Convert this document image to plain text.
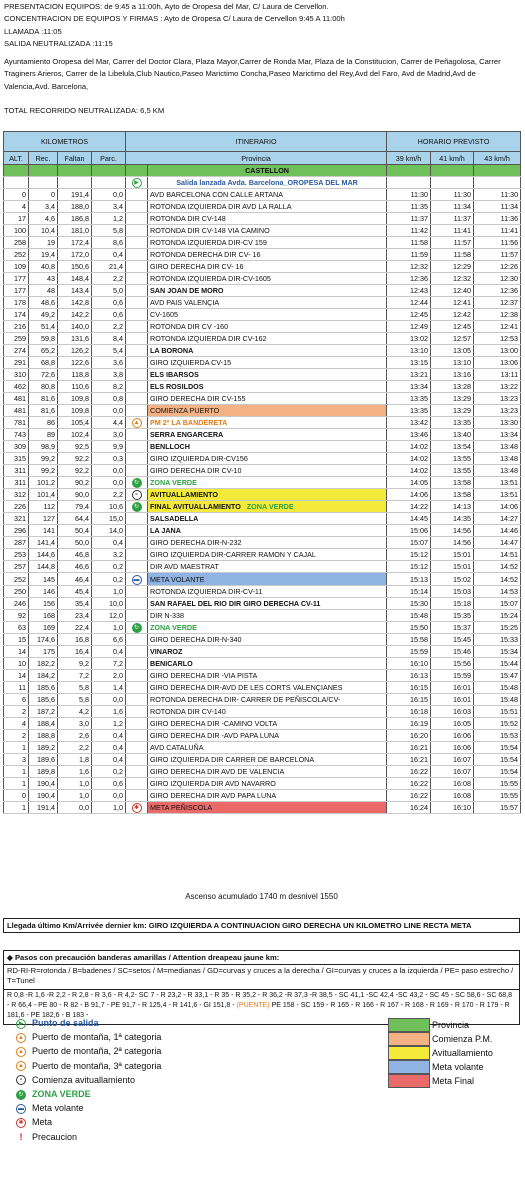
PRESENTACION EQUIPOS: de 9:45 a 11:00h, Ayto de Oropesa del Mar, C/ Laura de Cervellon.
CONCENTRACION DE EQUIPOS Y FIRMAS : Ayto de Oropesa C/ Laura de Cervellon 9:45 A 11:00h
LLAMADA :11:05
SALIDA NEUTRALIZADA :11:15
Ayuntamiento Oropesa del Mar, Carrer del Doctor Clara, Plaza Mayor,Carrer de Ronda Mar, Plaza de la Constitucion, Carrer de Peñagolosa, Carrer Traginers Arieros, Carrer de la Libelula,Club Nautico,Paseo Marictimo Concha,Paseo Marictimo del Rey,Avd del Faro, Avd de Madrid,Avd de Valencia,Avd. Barcelona,
TOTAL RECORRIDO NEUTRALIZADA: 6,5 KM
KILOMETROS				ITINERARIO		HORARIO PREVISTO		
ALT.	Rec.	Faltan	Parc.	Provincia		39 km/h	41 km/h	43 km/h
					CASTELLON			
				▶	Salida lanzada Avda. Barcelona_OROPESA DEL MAR			
0	0	191,4	0,0		AVD BARCELONA CON CALLE ARTANA	11:30	11:30	11:30
4	3,4	188,0	3,4		ROTONDA IZQUIERDA DIR AVD LA RALLA	11:35	11:34	11:34
17	4,6	186,8	1,2		ROTONDA DIR CV-148	11:37	11:37	11:36
100	10,4	181,0	5,8		ROTONDA DIR CV-148 VIA CAMINO	11:42	11:41	11:41
258	19	172,4	8,6		ROTONDA IZQUIERDA DIR-CV 159	11:58	11:57	11:56
252	19,4	172,0	0,4		ROTONDA DERECHA DIR CV- 16	11:59	11:58	11:57
109	40,8	150,6	21,4		GIRO DERECHA DIR CV- 16	12:32	12:29	12:26
177	43	148,4	2,2		ROTONDA IZQUIERDA DIR-CV-1605	12:36	12:32	12:30
177	48	143,4	5,0		SAN JOAN DE MORO	12:43	12:40	12:36
178	48,6	142,8	0,6		AVD PAIS VALENÇIA	12:44	12:41	12:37
174	49,2	142,2	0,6		CV-1605	12:45	12:42	12:38
216	51,4	140,0	2,2		ROTONDA DIR CV -160	12:49	12:45	12:41
259	59,8	131,6	8,4		ROTONDA IZQUIERDA DIR CV-162	13:02	12:57	12:53
274	65,2	126,2	5,4		LA BORONA	13:10	13:05	13:00
291	68,8	122,6	3,6		GIRO IZQUIERDA CV-15	13:15	13:10	13:06
310	72,6	118,8	3,8		ELS IBARSOS	13:21	13:16	13:11
462	80,8	110,6	8,2		ELS ROSILDOS	13:34	13:28	13:22
481	81,6	109,8	0,8		GIRO DERECHA DIR CV-155	13:35	13:29	13:23
481	81,6	109,8	0,0		COMIENZA PUERTO	13:35	13:29	13:23
781	86	105,4	4,4	▲	PM 2º LA BANDERETA	13:42	13:35	13:30
743	89	102,4	3,0		SERRA ENGARCERA	13:46	13:40	13:34
309	98,9	92,5	9,9		BENLLOCH	14:02	13:54	13:48
315	99,2	92,2	0,3		GIRO IZQUIERDA DIR-CV156	14:02	13:55	13:48
311	99,2	92,2	0,0		GIRO DERECHA DIR CV-10	14:02	13:55	13:48
311	101,2	90,2	0,0	↻	ZONA VERDE	14:05	13:58	13:51
312	101,4	90,0	2,2	⚬	AVITUALLAMIENTO	14:06	13:58	13:51
226	112	79,4	10,6	↻	FINAL AVITUALLAMIENTO ZONA VERDE	14:22	14:13	14:06
321	127	64,4	15,0		SALSADELLA	14:45	14:35	14:27
296	141	50,4	14,0		LA JANA	15:06	14:56	14:46
287	141,4	50,0	0,4		GIRO DERECHA DIR-N-232	15:07	14:56	14:47
253	144,6	46,8	3,2		GIRO IZQUIERDA DIR-CARRER RAMON Y CAJAL	15:12	15:01	14:51
257	144,8	46,6	0,2		DIR AVD MAESTRAT	15:12	15:01	14:52
252	145	46,4	0,2	▬	META VOLANTE	15:13	15:02	14:52
250	146	45,4	1,0		ROTONDA IZQUIERDA DIR-CV-11	15:14	15:03	14:53
246	156	35,4	10,0		SAN RAFAEL DEL RIO DIR GIRO DERECHA CV-11	15:30	15:18	15:07
92	168	23,4	12,0		DIR N-338	15:48	15:35	15:24
63	169	22,4	1,0	↻	ZONA VERDE	15:50	15:37	15:25
15	174,6	16,8	6,6		GIRO DERECHA DIR-N-340	15:58	15:45	15:33
14	175	16,4	0,4		VINAROZ	15:59	15:46	15:34
10	182,2	9,2	7,2		BENICARLO	16:10	15:56	15:44
14	184,2	7,2	2,0		GIRO DERECHA DIR -VIA PISTA	16:13	15:59	15:47
11	185,6	5,8	1,4		GIRO DERECHA DIR-AVD DE LES CORTS VALENÇIANES	16:15	16:01	15:48
6	185,6	5,8	0,0		ROTONDA DERECHA DIR- CARRER DE PEÑISCOLA/CV-	16:15	16:01	15:48
2	187,2	4,2	1,6		ROTONDA DIR CV-140	16:18	16:03	15:51
4	188,4	3,0	1,2		GIRO DERECHA DIR -CAMINO VOLTA	16:19	16:05	15:52
2	188,8	2,6	0,4		GIRO DERECHA DIR -AVD PAPA LUNA	16:20	16:06	15:53
1	189,2	2,2	0,4		AVD CATALUÑA	16:21	16:06	15:54
3	189,6	1,8	0,4		GIRO IZQUIERDA DIR CARRER DE BARCELONA	16:21	16:07	15:54
1	189,8	1,6	0,2		GIRO DERECHA DIR AVD DE VALENCIA	16:22	16:07	15:54
1	190,4	1,0	0,6		GIRO IZQUIERDA DIR AVD NAVARRO	16:22	16:08	15:55
0	190,4	1,0	0,0		GIRO DERECHA DIR AVD PAPA LUNA	16:22	16:08	15:55
1	191,4	0,0	1,0	✱	META PEÑISCOLA	16:24	16:10	15:57
Ascenso acumulado 1740 m desnivel 1550
Llegada último Km/Arrivée dernier km: GIRO IZQUIERDA A CONTINUACION GIRO DERECHA UN KILOMETRO LINE RECTA META
◆ Pasos con precaución banderas amarillas / Attention dreapeau jaune km:
RD-RI-R=rotonda / B=badenes / SC=setos / M=medianas / GD=curvas y cruces a la derecha / GI=curvas y cruces a la izquierda / PE= paso estrecho / T=Tunel
R 0,8 -R 1,6 -R 2,2 - R 2,8 - R 3,6 - R 4,2- SC 7 - R 23,2 - R 33,1 - R 35 - R 35,2 - R 36,2 -R 37,3 -R 38,5 - SC 41,1 -SC 42,4 -SC 43,2 - SC 45 - SC 58,6 - SC 68,8 - R 66,4 - PE 80 - R 82 - B 91,7 - PE 91,7 - R 125,4 - R 141,6 - GI 151,8 - (PUENTE) PE 158 - SC 159 - R 165 - R 166 - R 167 - R 168 - R 169 - R 170 - R 179 - R 181,6 - PE 182,6 - B 183 -
▶ Punto de salida
▲ Puerto de montaña, 1ª categoria
▲ Puerto de montaña, 2ª categoria
▲ Puerto de montaña, 3ª categoria
⚬ Comienza avituallamiento
↻ ZONA VERDE
▬ Meta volante
✱ Meta
! Precaucion
Provincia
Comienza P.M.
Avituallamiento
Meta volante
Meta Final
